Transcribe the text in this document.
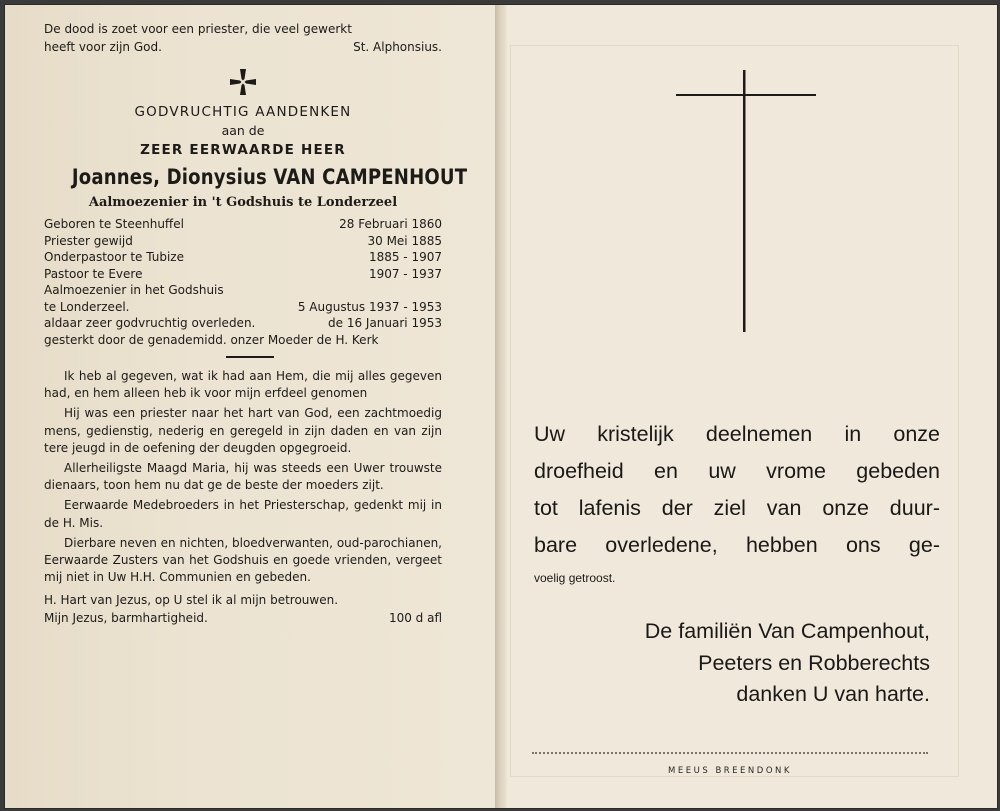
De dood is zoet voor een priester, die veel gewerkt
heeft voor zijn God.	St. Alphonsius.
GODVRUCHTIG AANDENKEN
aan de
ZEER EERWAARDE HEER
Joannes, Dionysius VAN CAMPENHOUT
Aalmoezenier in 't Godshuis te Londerzeel
Geboren te Steenhuffel	28 Februari 1860
Priester gewijd	30 Mei 1885
Onderpastoor te Tubize	1885 - 1907
Pastoor te Evere	1907 - 1937
Aalmoezenier in het Godshuis
te Londerzeel.	5 Augustus 1937 - 1953
aldaar zeer godvruchtig overleden.	de 16 Januari 1953
gesterkt door de genademidd. onzer Moeder de H. Kerk

Ik heb al gegeven, wat ik had aan Hem, die mij alles gegeven had, en hem alleen heb ik voor mijn erfdeel genomen

Hij was een priester naar het hart van God, een zachtmoedig mens, gedienstig, nederig en geregeld in zijn daden en van zijn tere jeugd in de oefening der deugden opgegroeid.

Allerheiligste Maagd Maria, hij was steeds een Uwer trouwste dienaars, toon hem nu dat ge de beste der moeders zijt.

Eerwaarde Medebroeders in het Priesterschap, gedenkt mij in de H. Mis.

Dierbare neven en nichten, bloedverwanten, oud-parochianen, Eerwaarde Zusters van het Godshuis en goede vrienden, vergeet mij niet in Uw H.H. Communien en gebeden.

H. Hart van Jezus, op U stel ik al mijn betrouwen.
Mijn Jezus, barmhartigheid.	100 d afl
Uw kristelijk deelnemen in onze
droefheid en uw vrome gebeden
tot lafenis der ziel van onze duur-
bare overledene, hebben ons ge-
voelig getroost.
De familiën Van Campenhout,
Peeters en Robberechts
danken U van harte.
MEEUS BREENDONK
